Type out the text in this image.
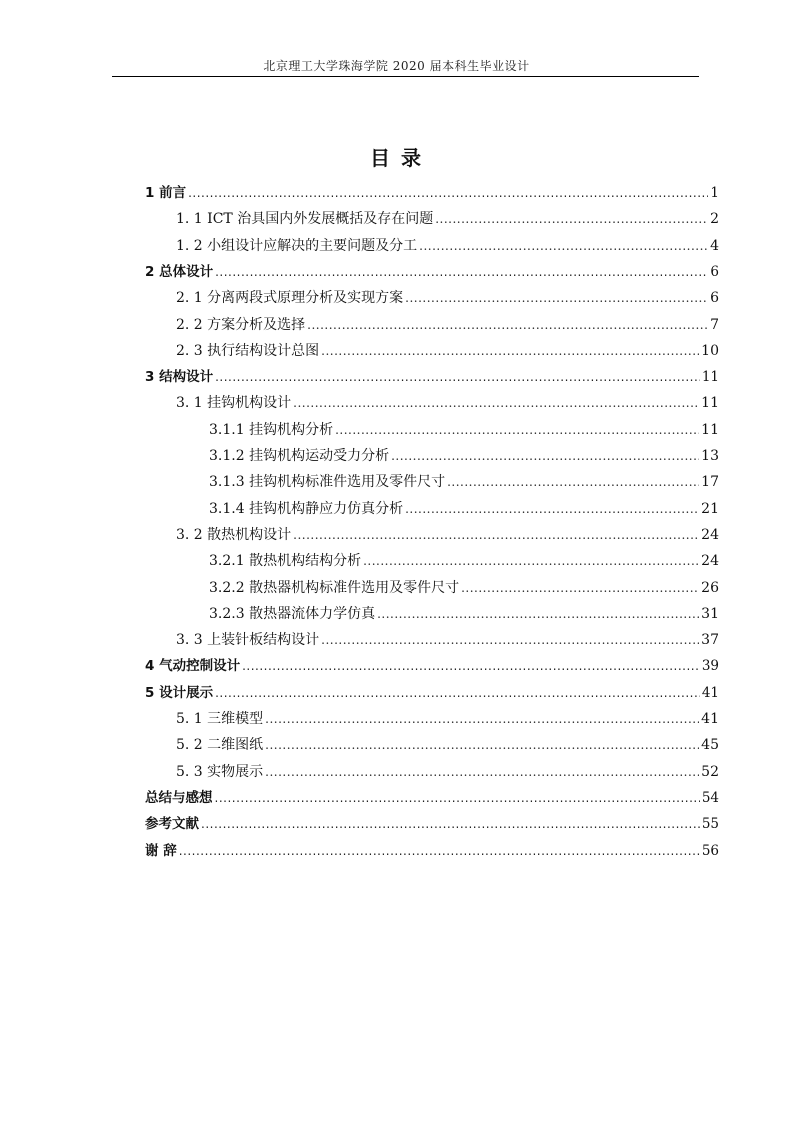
北京理工大学珠海学院 2020 届本科生毕业设计
目 录
1 前言 .....	1
1. 1 ICT 治具国内外发展概括及存在问题 .....	2
1. 2 小组设计应解决的主要问题及分工 .....	4
2 总体设计 .....	6
2. 1 分离两段式原理分析及实现方案 .....	6
2. 2 方案分析及选择 .....	7
2. 3 执行结构设计总图 .....	10
3 结构设计 .....	11
3. 1 挂钩机构设计 .....	11
3.1.1 挂钩机构分析 .....	11
3.1.2 挂钩机构运动受力分析 .....	13
3.1.3 挂钩机构标准件选用及零件尺寸 .....	17
3.1.4 挂钩机构静应力仿真分析 .....	21
3. 2 散热机构设计 .....	24
3.2.1 散热机构结构分析 .....	24
3.2.2 散热器机构标准件选用及零件尺寸 .....	26
3.2.3 散热器流体力学仿真 .....	31
3. 3 上装针板结构设计 .....	37
4 气动控制设计 .....	39
5 设计展示 .....	41
5. 1 三维模型 .....	41
5. 2 二维图纸 .....	45
5. 3 实物展示 .....	52
总结与感想 .....	54
参考文献 .....	55
谢 辞 .....	56
